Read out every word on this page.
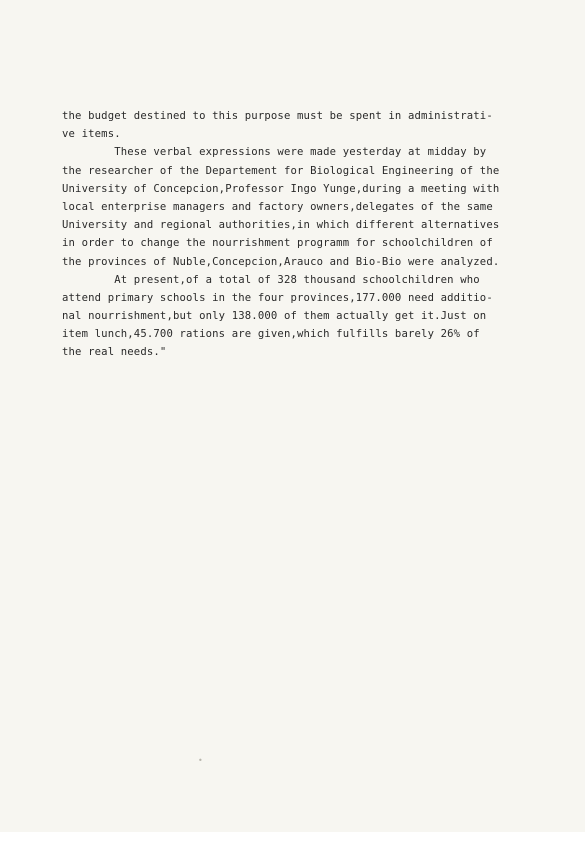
the budget destined to this purpose must be spent in administrati-
ve items.
These verbal expressions were made yesterday at midday by
the researcher of the Departement for Biological Engineering of the
University of Concepcion,Professor Ingo Yunge,during a meeting with
local enterprise managers and factory owners,delegates of the same
University and regional authorities,in which different alternatives
in order to change the nourrishment programm for schoolchildren of
the provinces of Nuble,Concepcion,Arauco and Bio-Bio were analyzed.
At present,of a total of 328 thousand schoolchildren who
attend primary schools in the four provinces,177.000 need additio-
nal nourrishment,but only 138.000 of them actually get it.Just on
item lunch,45.700 rations are given,which fulfills barely 26% of
the real needs."
•
